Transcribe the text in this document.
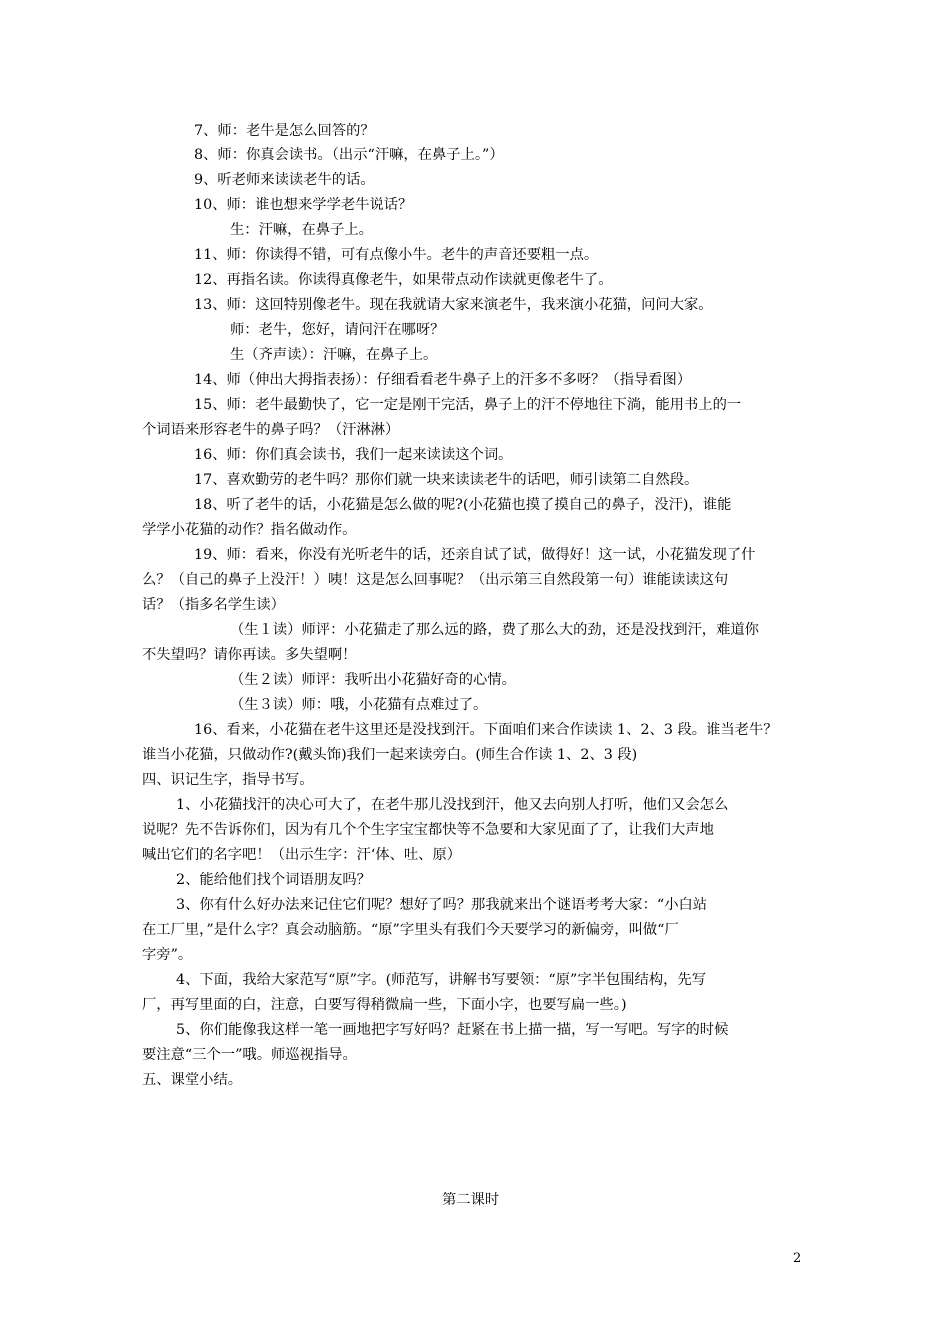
7、师：老牛是怎么回答的？
8、师：你真会读书。（出示“汗嘛，在鼻子上。”）
9、听老师来读读老牛的话。
10、师：谁也想来学学老牛说话？
生：汗嘛，在鼻子上。
11、师：你读得不错，可有点像小牛。老牛的声音还要粗一点。
12、再指名读。你读得真像老牛，如果带点动作读就更像老牛了。
13、师：这回特别像老牛。现在我就请大家来演老牛，我来演小花猫，问问大家。
师：老牛，您好，请问汗在哪呀？
生（齐声读）：汗嘛，在鼻子上。
14、师（伸出大拇指表扬）：仔细看看老牛鼻子上的汗多不多呀？（指导看图）
15、师：老牛最勤快了，它一定是刚干完活，鼻子上的汗不停地往下淌，能用书上的一
个词语来形容老牛的鼻子吗？（汗淋淋）
16、师：你们真会读书，我们一起来读读这个词。
17、喜欢勤劳的老牛吗？那你们就一块来读读老牛的话吧，师引读第二自然段。
18、听了老牛的话，小花猫是怎么做的呢?(小花猫也摸了摸自己的鼻子，没汗)，谁能
学学小花猫的动作？指名做动作。
19、师：看来，你没有光听老牛的话，还亲自试了试，做得好！这一试，小花猫发现了什
么？（自己的鼻子上没汗！）咦！这是怎么回事呢？（出示第三自然段第一句）谁能读读这句
话？（指多名学生读）
（生１读）师评：小花猫走了那么远的路，费了那么大的劲，还是没找到汗，难道你
不失望吗？请你再读。多失望啊！
（生２读）师评：我听出小花猫好奇的心情。
（生３读）师：哦，小花猫有点难过了。
16、看来，小花猫在老牛这里还是没找到汗。下面咱们来合作读读 1、2、3 段。谁当老牛？
谁当小花猫，只做动作?(戴头饰)我们一起来读旁白。(师生合作读 1、2、3 段)
四、识记生字，指导书写。
1、小花猫找汗的决心可大了，在老牛那儿没找到汗，他又去向别人打听，他们又会怎么
说呢？先不告诉你们，因为有几个个生字宝宝都快等不急要和大家见面了了，让我们大声地
喊出它们的名字吧！（出示生字：汗‘体、吐、原）
2、能给他们找个词语朋友吗？
3、你有什么好办法来记住它们呢？想好了吗？那我就来出个谜语考考大家：“小白站
在工厂里，”是什么字？真会动脑筋。“原”字里头有我们今天要学习的新偏旁，叫做“厂
字旁”。
4、下面，我给大家范写“原”字。(师范写，讲解书写要领：“原”字半包围结构，先写
厂，再写里面的白，注意，白要写得稍微扁一些，下面小字，也要写扁一些。)
5、你们能像我这样一笔一画地把字写好吗？赶紧在书上描一描，写一写吧。写字的时候
要注意“三个一”哦。师巡视指导。
五、课堂小结。
第二课时
2
